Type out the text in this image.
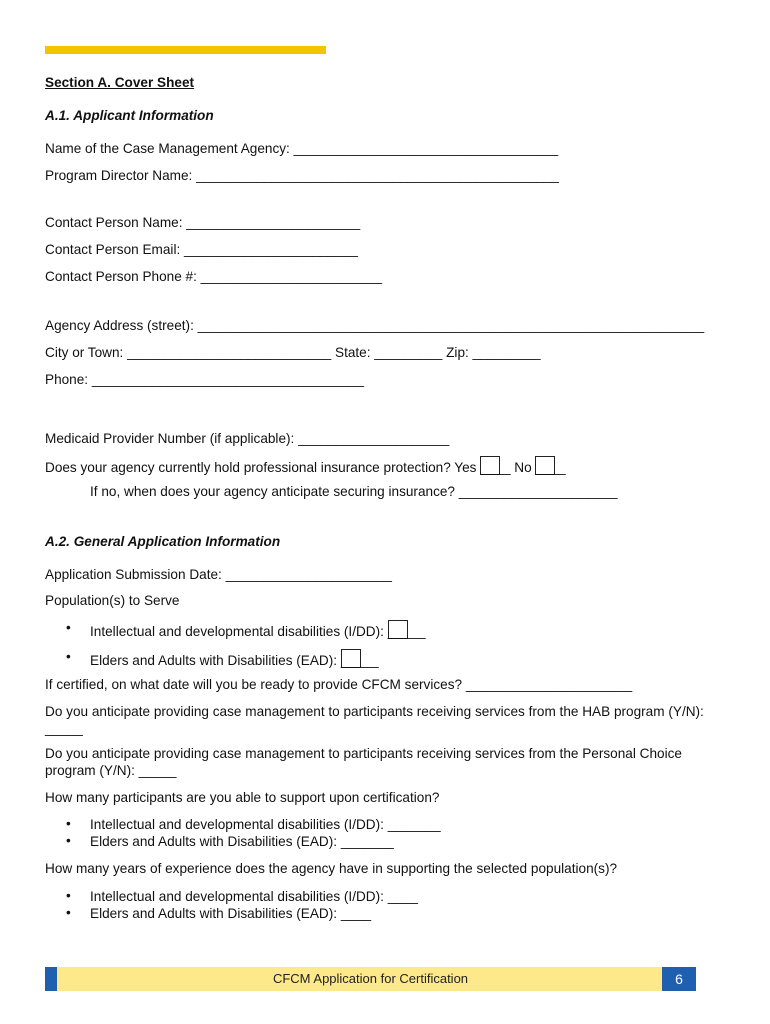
Section A. Cover Sheet
A.1. Applicant Information
Name of the Case Management Agency: ___________________________________
Program Director Name: ________________________________________________
Contact Person Name: _______________________
Contact Person Email: _______________________
Contact Person Phone #: ________________________
Agency Address (street): ___________________________________________________________________
City or Town: ___________________________ State: _________ Zip: _________
Phone: ____________________________________
Medicaid Provider Number (if applicable): ____________________
Does your agency currently hold professional insurance protection? Yes ____ No ____
If no, when does your agency anticipate securing insurance? _____________________
A.2. General Application Information
Application Submission Date: ______________________
Population(s) to Serve
• Intellectual and developmental disabilities (I/DD): _____
• Elders and Adults with Disabilities (EAD): _____
If certified, on what date will you be ready to provide CFCM services? ______________________
Do you anticipate providing case management to participants receiving services from the HAB program (Y/N): _____
Do you anticipate providing case management to participants receiving services from the Personal Choice program (Y/N): _____
How many participants are you able to support upon certification?
• Intellectual and developmental disabilities (I/DD): _______
• Elders and Adults with Disabilities (EAD): _______
How many years of experience does the agency have in supporting the selected population(s)?
• Intellectual and developmental disabilities (I/DD): ____
• Elders and Adults with Disabilities (EAD): ____
CFCM Application for Certification	6
